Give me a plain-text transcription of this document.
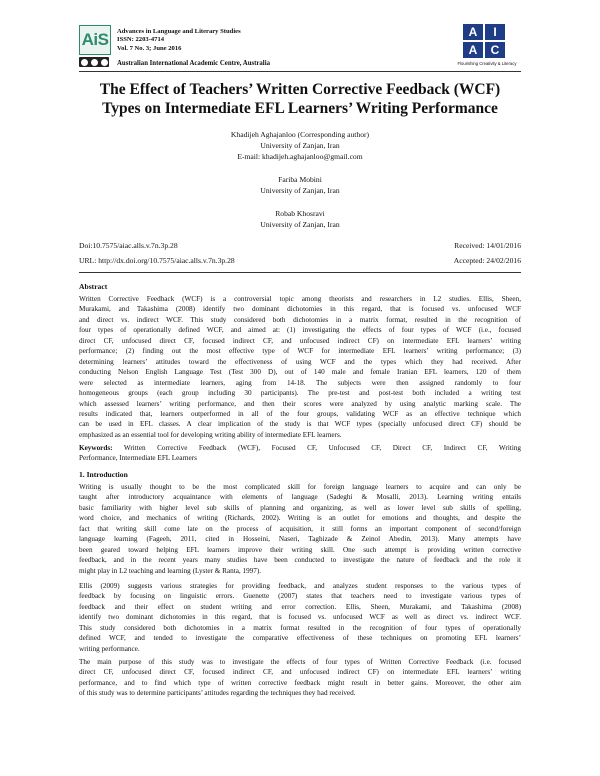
AiS Advances in Language and Literary Studies
ISSN: 2203-4714
Vol. 7 No. 3; June 2016
Australian International Academic Centre, Australia
A	I
A	C
Flourishing Creativity & Literacy
The Effect of Teachers’ Written Corrective Feedback (WCF)
Types on Intermediate EFL Learners’ Writing Performance
Khadijeh Aghajanloo (Corresponding author)
University of Zanjan, Iran
E-mail: khadijeh.aghajanloo@gmail.com
Fariba Mobini
University of Zanjan, Iran
Robab Khosravi
University of Zanjan, Iran
Doi:10.7575/aiac.alls.v.7n.3p.28	Received: 14/01/2016
URL: http://dx.doi.org/10.7575/aiac.alls.v.7n.3p.28	Accepted: 24/02/2016
Abstract
Written Corrective Feedback (WCF) is a controversial topic among theorists and researchers in L2 studies. Ellis, Sheen,
Murakami, and Takashima (2008) identify two dominant dichotomies in this regard, that is focused vs. unfocused WCF
and direct vs. indirect WCF. This study considered both dichotomies in a matrix format, resulted in the recognition of
four types of operationally defined WCF, and aimed at: (1) investigating the effects of four types of WCF (i.e., focused
direct CF, unfocused direct CF, focused indirect CF, and unfocused indirect CF) on intermediate EFL learners’ writing
performance; (2) finding out the most effective type of WCF for intermediate EFL learners’ writing performance; (3)
determining learners’ attitudes toward the effectiveness of using WCF and the types which they had received. After
conducting Nelson English Language Test (Test 300 D), out of 140 male and female Iranian EFL learners, 120 of them
were selected as intermediate learners, aging from 14-18. The subjects were then assigned randomly to four
homogeneous groups (each group including 30 participants). The pre-test and post-test both included a writing test
which assessed learners’ writing performance, and then their scores were analyzed by using analytic marking scale. The
results indicated that, learners outperformed in all of the four groups, validating WCF as an effective technique which
can be used in EFL classes. A clear implication of the study is that WCF types (specially unfocused direct CF) should be
emphasized as an essential tool for developing writing ability of intermediate EFL learners.
Keywords: Written Corrective Feedback (WCF), Focused CF, Unfocused CF, Direct CF, Indirect CF, Writing
Performance, Intermediate EFL Learners
1. Introduction
Writing is usually thought to be the most complicated skill for foreign language learners to acquire and can only be
taught after introductory acquaintance with elements of language (Sadeghi & Mosalli, 2013). Learning writing entails
basic familiarity with higher level sub skills of planning and organizing, as well as lower level sub skills of spelling,
word choice, and mechanics of writing (Richards, 2002). Writing is an outlet for emotions and thoughts, and despite the
fact that writing skill come late on the process of acquisition, it still forms an important component of second/foreign
language learning (Fageeh, 2011, cited in Hosseini, Naseri, Taghizade & Zeinol Abedin, 2013). Many attempts have
been geared toward helping EFL learners improve their writing skill. One such attempt is providing written corrective
feedback, and in the recent years many studies have been conducted to investigate the nature of feedback and the role it
might play in L2 teaching and learning (Lyster & Ranta, 1997).
Ellis (2009) suggests various strategies for providing feedback, and analyzes student responses to the various types of
feedback by focusing on linguistic errors. Guenette (2007) states that teachers need to investigate various types of
feedback and their effect on student writing and error correction. Ellis, Sheen, Murakami, and Takashima (2008)
identify two dominant dichotomies in this regard, that is focused vs. unfocused WCF as well as direct vs. indirect WCF.
This study considered both dichotomies in a matrix format resulted in the recognition of four types of operationally
defined WCF, and tended to investigate the comparative effectiveness of these techniques on promoting EFL learners’
writing performance.
The main purpose of this study was to investigate the effects of four types of Written Corrective Feedback (i.e. focused
direct CF, unfocused direct CF, focused indirect CF, and unfocused indirect CF) on intermediate EFL learners’ writing
performance, and to find which type of written corrective feedback might result in better gains. Moreover, the other aim
of this study was to determine participants’ attitudes regarding the techniques they had received.
